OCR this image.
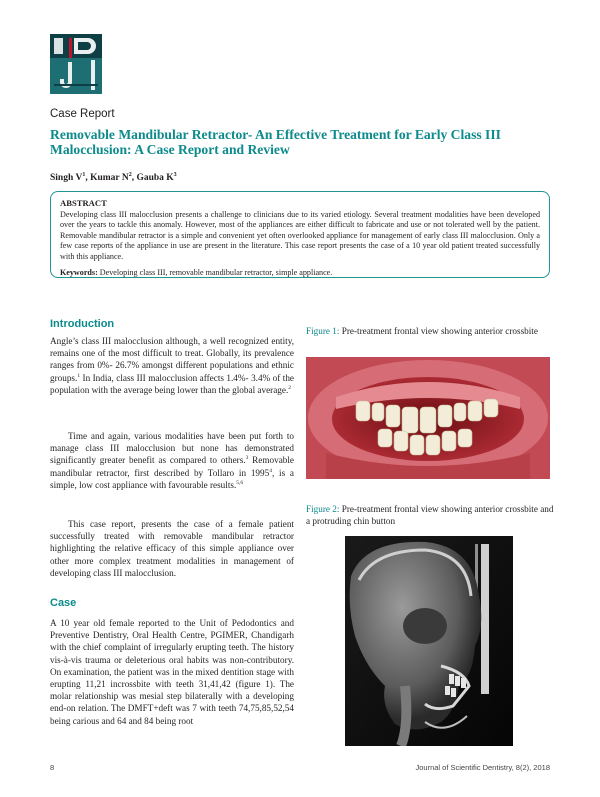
Case Report
Removable Mandibular Retractor- An Effective Treatment for Early Class III Malocclusion: A Case Report and Review
Singh $V^1$, Kumar $N^2$, Gauba $K^3$
ABSTRACT
Developing class III malocclusion presents a challenge to clinicians due to its varied etiology. Several treatment modalities have been developed over the years to tackle this anomaly. However, most of the appliances are either difficult to fabricate and use or not tolerated well by the patient. Removable mandibular retractor is a simple and convenient yet often overlooked appliance for management of early class III malocclusion. Only a few case reports of the appliance in use are present in the literature. This case report presents the case of a 10 year old patient treated successfully with this appliance.
Keywords: Developing class III, removable mandibular retractor, simple appliance.
Introduction

Angle’s class III malocclusion although, a well recognized entity, remains one of the most difficult to treat. Globally, its prevalence ranges from 0%- 26.7% amongst different populations and ethnic groups.$^1$ In India, class III malocclusion affects 1.4%- 3.4% of the population with the average being lower than the global average.$^2$

Time and again, various modalities have been put forth to manage class III malocclusion but none has demonstrated significantly greater benefit as compared to others.$^3$ Removable mandibular retractor, first described by Tollaro in 1995$^4$, is a simple, low cost appliance with favourable results.$^{5,6}$

This case report, presents the case of a female patient successfully treated with removable mandibular retractor highlighting the relative efficacy of this simple appliance over other more complex treatment modalities in management of developing class III malocclusion.

Case

A 10 year old female reported to the Unit of Pedodontics and Preventive Dentistry, Oral Health Centre, PGIMER, Chandigarh with the chief complaint of irregularly erupting teeth. The history vis-à-vis trauma or deleterious oral habits was non-contributory. On examination, the patient was in the mixed dentition stage with erupting 11,21 incrossbite with teeth 31,41,42 (figure 1). The molar relationship was mesial step bilaterally with a developing end-on relation. The DMFT+deft was 7 with teeth 74,75,85,52,54 being carious and 64 and 84 being root

Figure 1: Pre-treatment frontal view showing anterior crossbite
Figure 2: Pre-treatment frontal view showing anterior crossbite and a protruding chin button
8	Journal of Scientific Dentistry, 8(2), 2018
